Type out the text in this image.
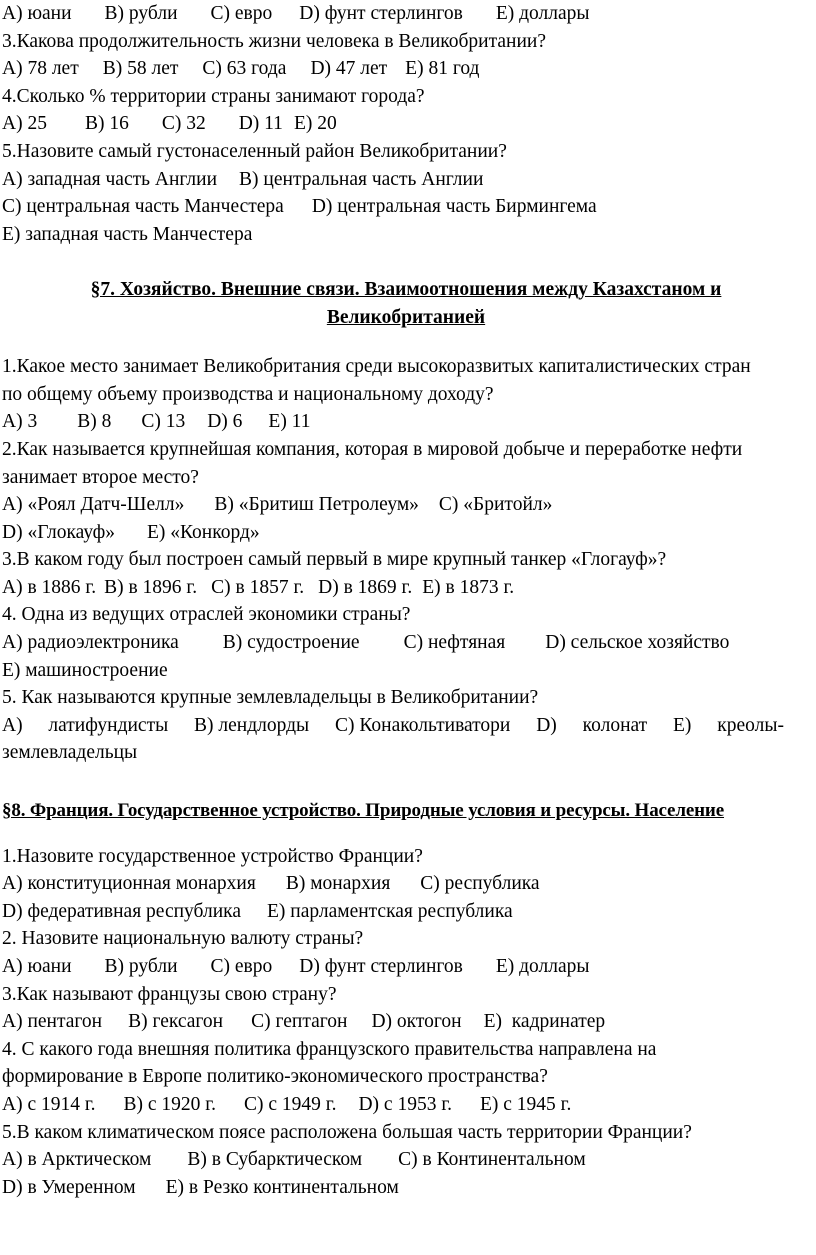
A) юани B) рубли C) евро D) фунт стерлингов E) доллары
3.Какова продолжительность жизни человека в Великобритании?
A) 78 лет B) 58 лет C) 63 года D) 47 лет E) 81 год
4.Сколько % территории страны занимают города?
A) 25 B) 16 C) 32 D) 11 E) 20
5.Назовите самый густонаселенный район Великобритании?
A) западная часть Англии B) центральная часть Англии
C) центральная часть Манчестера D) центральная часть Бирмингема
E) западная часть Манчестера
§7. Хозяйство. Внешние связи. Взаимоотношения между Казахстаном и
Великобританией
1.Какое место занимает Великобритания среди высокоразвитых капиталистических стран
по общему объему производства и национальному доходу?
A) 3 B) 8 C) 13 D) 6 E) 11
2.Как называется крупнейшая компания, которая в мировой добыче и переработке нефти
занимает второе место?
A) «Роял Датч-Шелл» B) «Бритиш Петролеум» C) «Бритойл»
D) «Глокауф» E) «Конкорд»
3.В каком году был построен самый первый в мире крупный танкер «Глогауф»?
A) в 1886 г. B) в 1896 г. C) в 1857 г. D) в 1869 г. E) в 1873 г.
4. Одна из ведущих отраслей экономики страны?
A) радиоэлектроника B) судостроение C) нефтяная D) сельское хозяйство
E) машиностроение
5. Как называются крупные землевладельцы в Великобритании?
A) латифундисты B) лендлорды C) Конакольтиватори D) колонат E) креолы-
землевладельцы
§8. Франция. Государственное устройство. Природные условия и ресурсы. Население
1.Назовите государственное устройство Франции?
A) конституционная монархия B) монархия C) республика
D) федеративная республика E) парламентская республика
2. Назовите национальную валюту страны?
A) юани B) рубли C) евро D) фунт стерлингов E) доллары
3.Как называют французы свою страну?
A) пентагон B) гексагон C) гептагон D) октогон E)  кадринатер
4. С какого года внешняя политика французского правительства направлена на
формирование в Европе политико-экономического пространства?
A) с 1914 г. B) с 1920 г. C) с 1949 г. D) с 1953 г. E) с 1945 г.
5.В каком климатическом поясе расположена большая часть территории Франции?
A) в Арктическом B) в Субарктическом C) в Континентальном
D) в Умеренном E) в Резко континентальном
